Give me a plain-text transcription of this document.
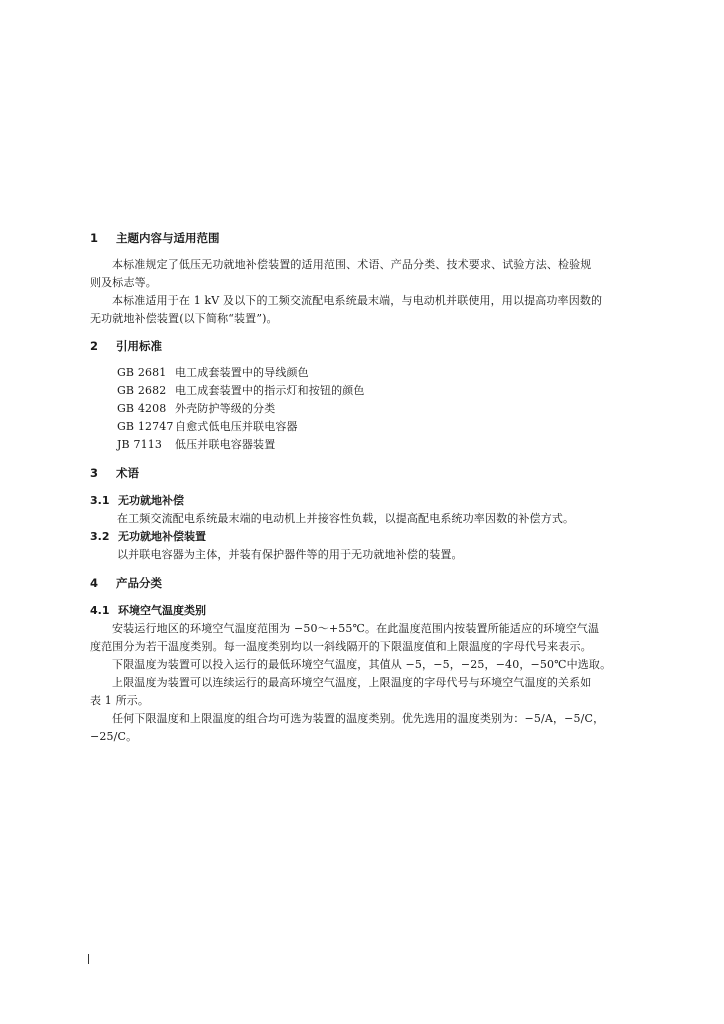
1 主题内容与适用范围
本标准规定了低压无功就地补偿装置的适用范围、术语、产品分类、技术要求、试验方法、检验规
则及标志等。
本标准适用于在 1 kV 及以下的工频交流配电系统最末端，与电动机并联使用，用以提高功率因数的
无功就地补偿装置(以下简称“装置”)。
2 引用标准
GB 2681 电工成套装置中的导线颜色
GB 2682 电工成套装置中的指示灯和按钮的颜色
GB 4208 外壳防护等级的分类
GB 12747自愈式低电压并联电容器
JB 7113 低压并联电容器装置
3 术语
3.1 无功就地补偿
在工频交流配电系统最末端的电动机上并接容性负载，以提高配电系统功率因数的补偿方式。
3.2 无功就地补偿装置
以并联电容器为主体，并装有保护器件等的用于无功就地补偿的装置。
4 产品分类
4.1 环境空气温度类别
安装运行地区的环境空气温度范围为 −50～+55℃。在此温度范围内按装置所能适应的环境空气温
度范围分为若干温度类别。每一温度类别均以一斜线隔开的下限温度值和上限温度的字母代号来表示。
下限温度为装置可以投入运行的最低环境空气温度，其值从 −5，−5，−25，−40，−50℃中选取。
上限温度为装置可以连续运行的最高环境空气温度，上限温度的字母代号与环境空气温度的关系如
表 1 所示。
任何下限温度和上限温度的组合均可选为装置的温度类别。优先选用的温度类别为：−5/A，−5/C，
−25/C。
